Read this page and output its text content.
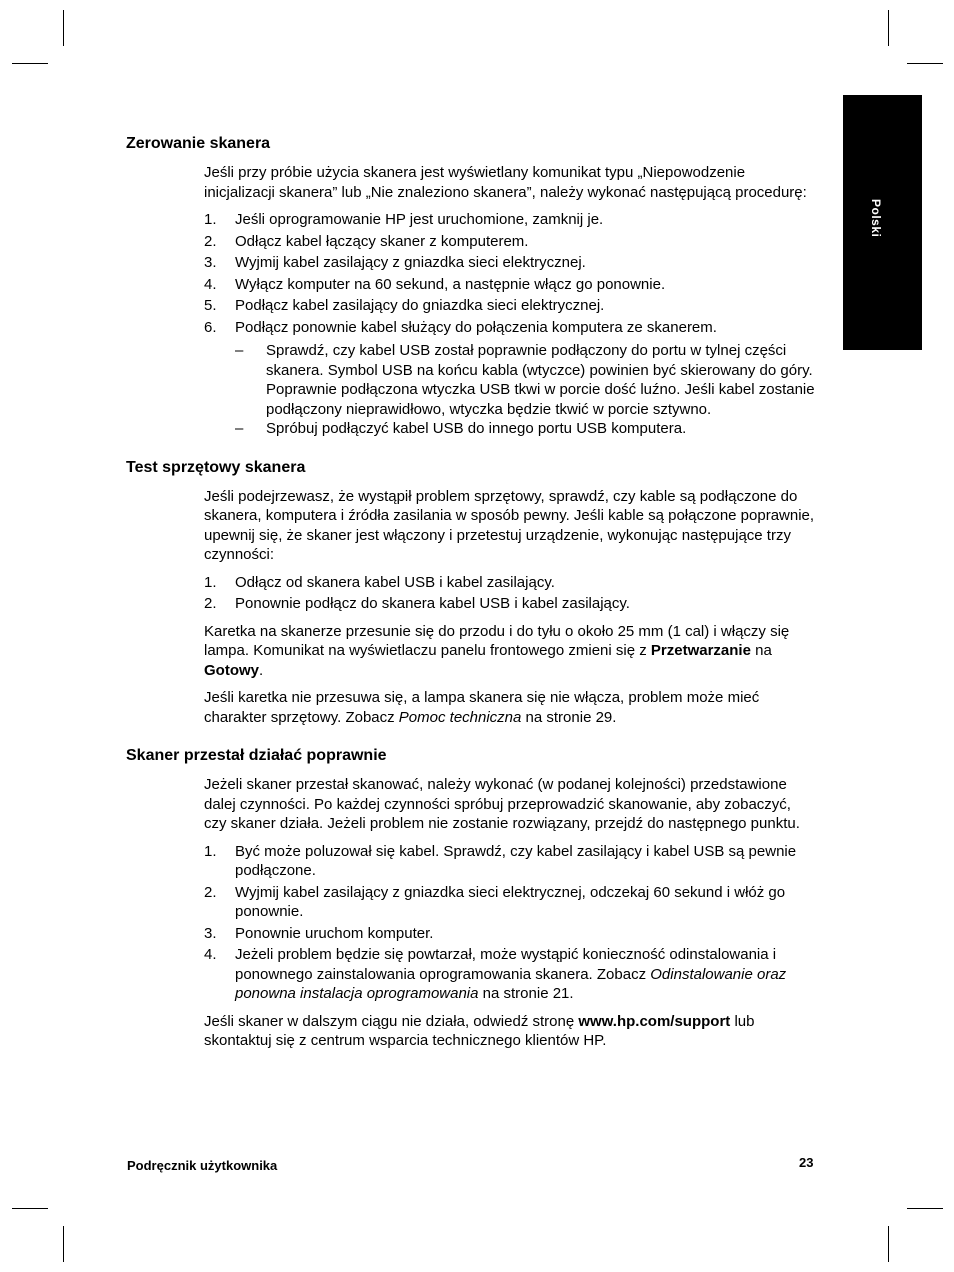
Polski
Zerowanie skanera

Jeśli przy próbie użycia skanera jest wyświetlany komunikat typu „Niepowodzenie inicjalizacji skanera” lub „Nie znaleziono skanera”, należy wykonać następującą procedurę:

1.	Jeśli oprogramowanie HP jest uruchomione, zamknij je.
2.	Odłącz kabel łączący skaner z komputerem.
3.	Wyjmij kabel zasilający z gniazdka sieci elektrycznej.
4.	Wyłącz komputer na 60 sekund, a następnie włącz go ponownie.
5.	Podłącz kabel zasilający do gniazdka sieci elektrycznej.
6.	Podłącz ponownie kabel służący do połączenia komputera ze skanerem.
–	Sprawdź, czy kabel USB został poprawnie podłączony do portu w tylnej części skanera. Symbol USB na końcu kabla (wtyczce) powinien być skierowany do góry. Poprawnie podłączona wtyczka USB tkwi w porcie dość luźno. Jeśli kabel zostanie podłączony nieprawidłowo, wtyczka będzie tkwić w porcie sztywno.
–	Spróbuj podłączyć kabel USB do innego portu USB komputera.
Test sprzętowy skanera

Jeśli podejrzewasz, że wystąpił problem sprzętowy, sprawdź, czy kable są podłączone do skanera, komputera i źródła zasilania w sposób pewny. Jeśli kable są połączone poprawnie, upewnij się, że skaner jest włączony i przetestuj urządzenie, wykonując następujące trzy czynności:

1.	Odłącz od skanera kabel USB i kabel zasilający.
2.	Ponownie podłącz do skanera kabel USB i kabel zasilający.

Karetka na skanerze przesunie się do przodu i do tyłu o około 25 mm (1 cal) i włączy się lampa. Komunikat na wyświetlaczu panelu frontowego zmieni się z Przetwarzanie na Gotowy.

Jeśli karetka nie przesuwa się, a lampa skanera się nie włącza, problem może mieć charakter sprzętowy. Zobacz Pomoc techniczna na stronie 29.

Skaner przestał działać poprawnie

Jeżeli skaner przestał skanować, należy wykonać (w podanej kolejności) przedstawione dalej czynności. Po każdej czynności spróbuj przeprowadzić skanowanie, aby zobaczyć, czy skaner działa. Jeżeli problem nie zostanie rozwiązany, przejdź do następnego punktu.

1.	Być może poluzował się kabel. Sprawdź, czy kabel zasilający i kabel USB są pewnie podłączone.
2.	Wyjmij kabel zasilający z gniazdka sieci elektrycznej, odczekaj 60 sekund i włóż go ponownie.
3.	Ponownie uruchom komputer.
4.	Jeżeli problem będzie się powtarzał, może wystąpić konieczność odinstalowania i ponownego zainstalowania oprogramowania skanera. Zobacz Odinstalowanie oraz ponowna instalacja oprogramowania na stronie 21.

Jeśli skaner w dalszym ciągu nie działa, odwiedź stronę www.hp.com/support lub skontaktuj się z centrum wsparcia technicznego klientów HP.

Podręcznik użytkownika	23
